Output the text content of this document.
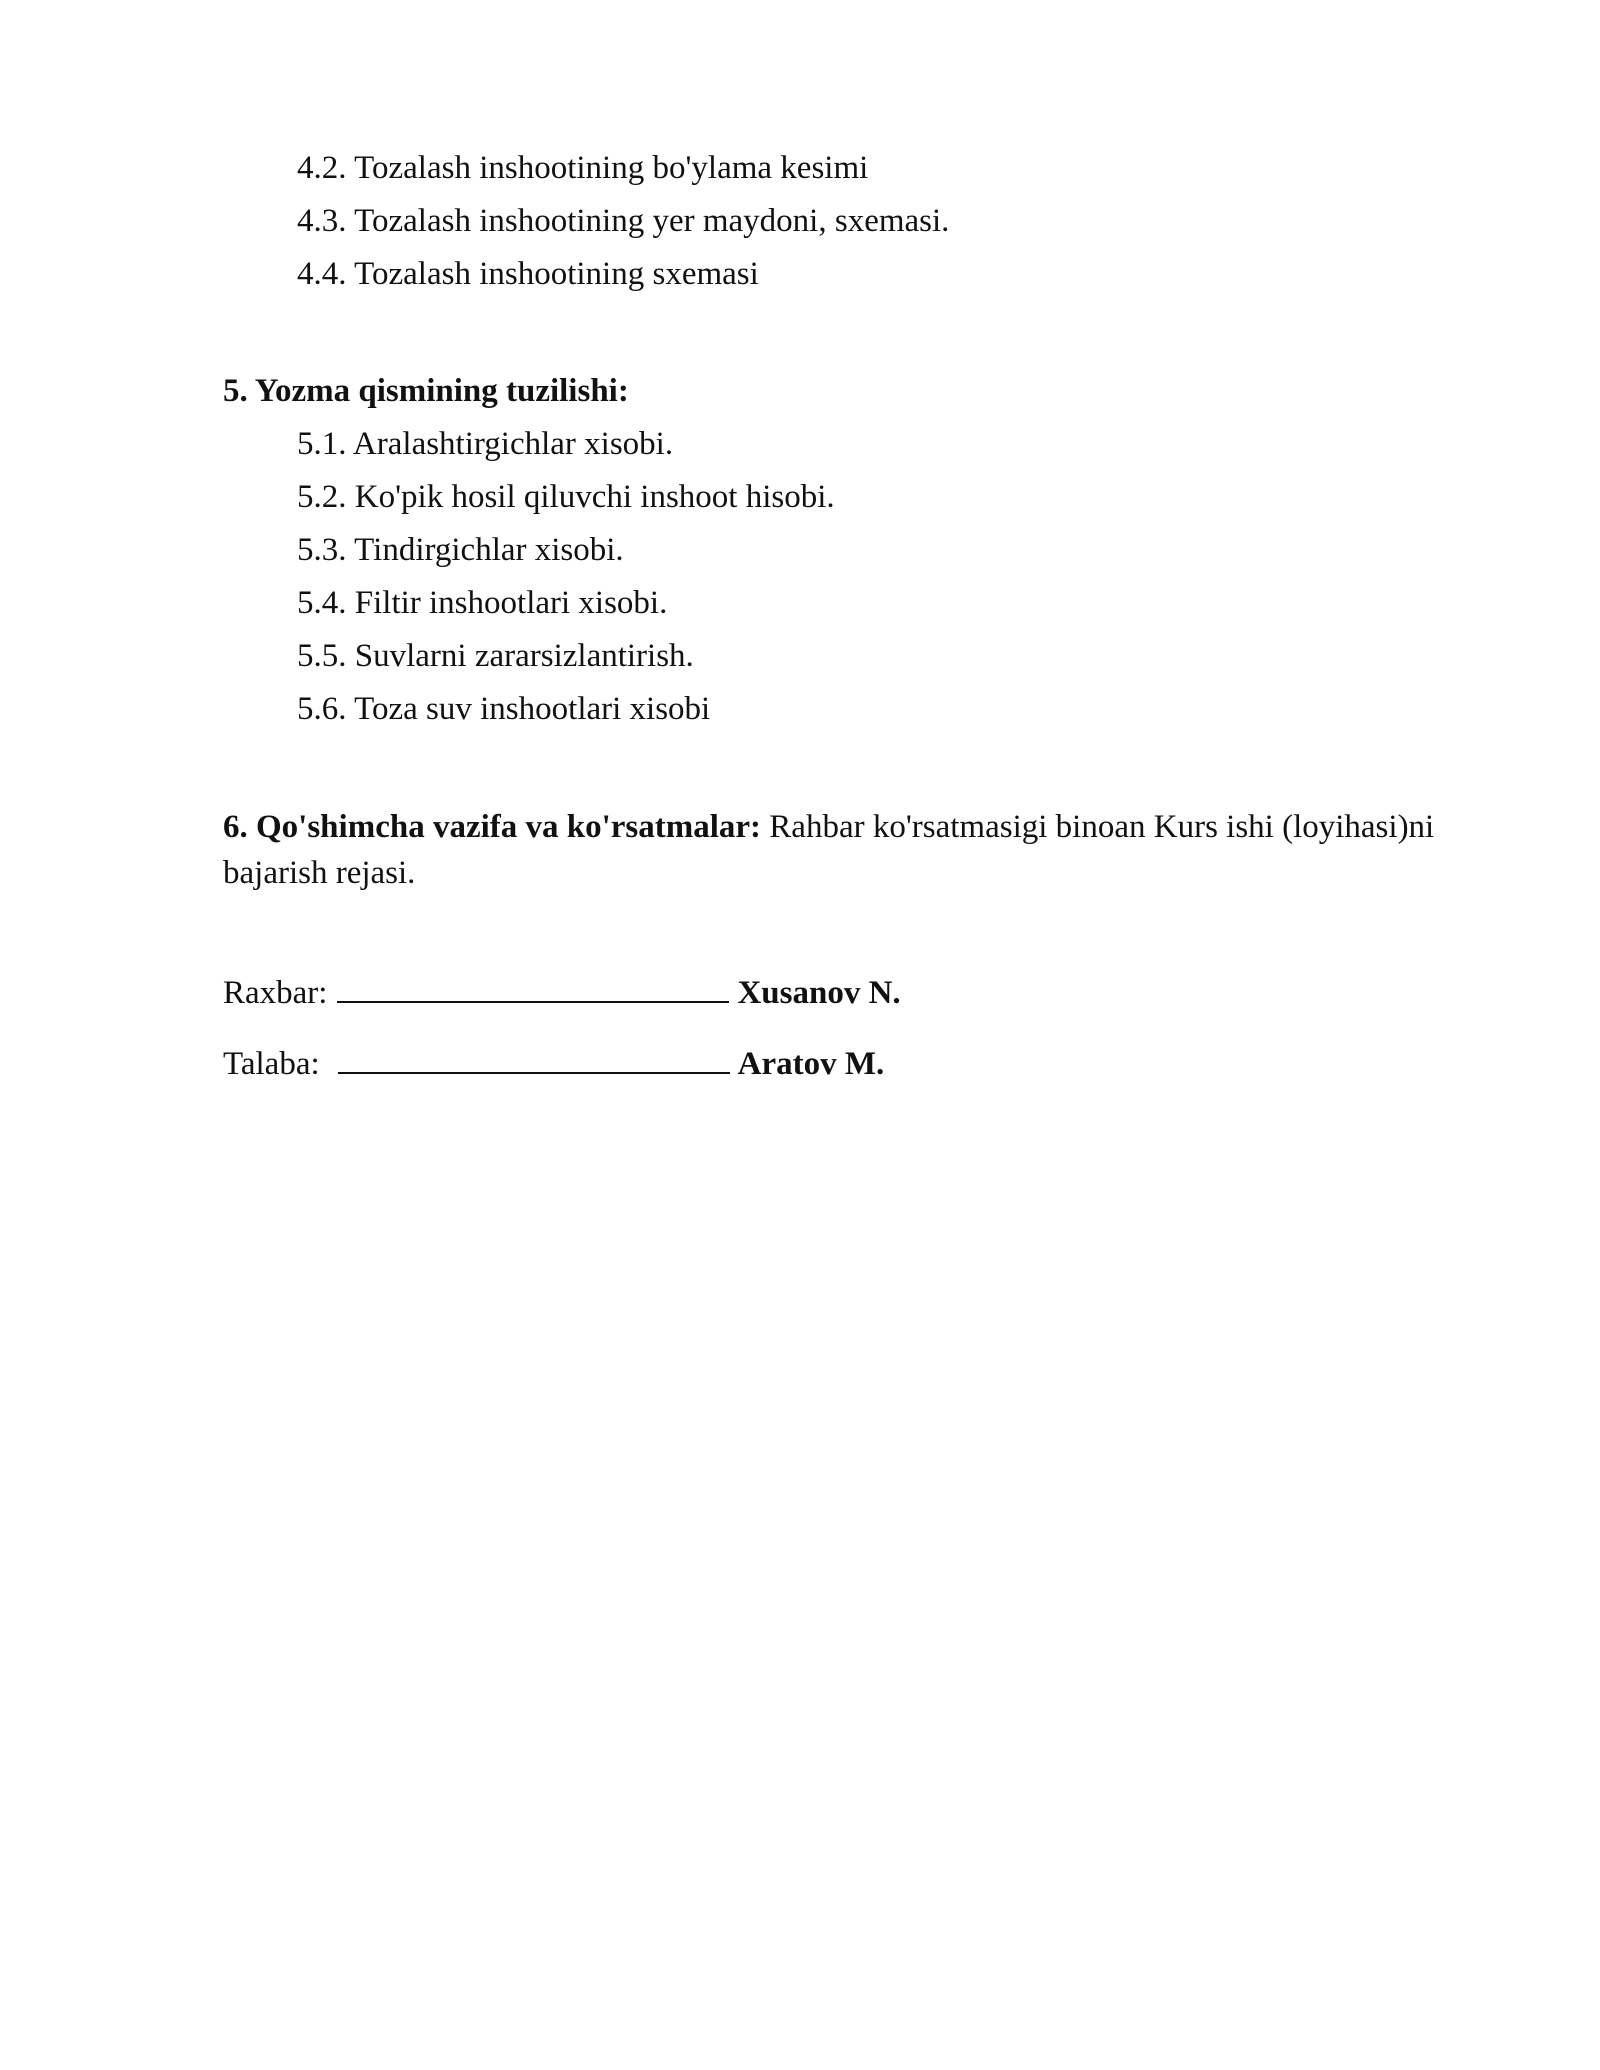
4.2. Tozalash inshootining bo'ylama kesimi
4.3. Tozalash inshootining yer maydoni, sxemasi.
4.4. Tozalash inshootining sxemasi
5. Yozma qismining tuzilishi:
5.1. Aralashtirgichlar xisobi.
5.2. Ko'pik hosil qiluvchi inshoot hisobi.
5.3. Tindirgichlar xisobi.
5.4. Filtir inshootlari xisobi.
5.5. Suvlarni zararsizlantirish.
5.6. Toza suv inshootlari xisobi
6. Qo'shimcha vazifa va ko'rsatmalar: Rahbar ko'rsatmasigi binoan Kurs ishi (loyihasi)ni bajarish rejasi.
Raxbar:	Xusanov N.
Talaba:	Aratov M.
